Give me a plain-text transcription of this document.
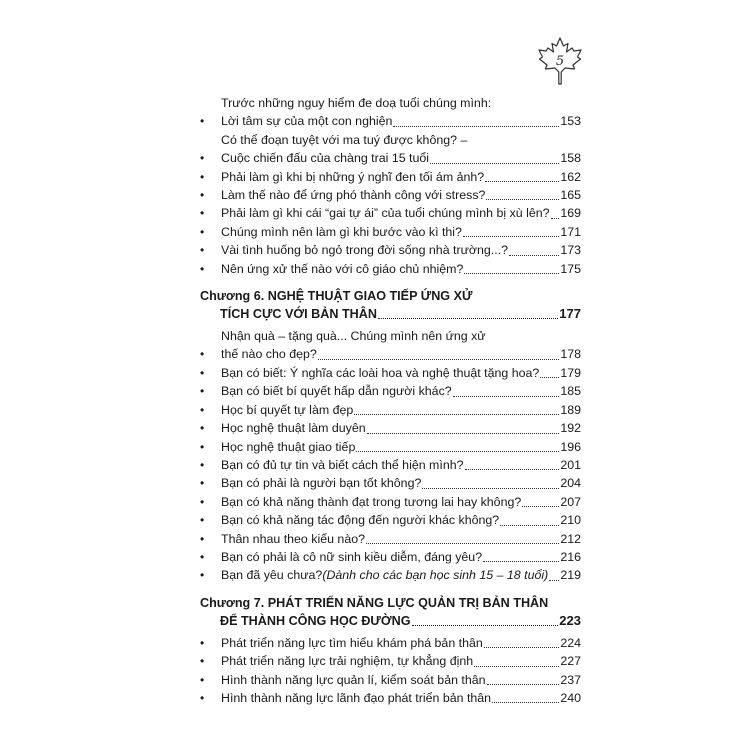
5
•
Trước những nguy hiểm đe doạ tuổi chúng mình:
Lời tâm sự của một con nghiện	153
•
Có thể đoạn tuyệt với ma tuý được không? –
Cuộc chiến đấu của chàng trai 15 tuổi	158
•	Phải làm gì khi bị những ý nghĩ đen tối ám ảnh?	162
•	Làm thế nào để ứng phó thành công với stress?	165
•	Phải làm gì khi cái “gai tự ái” của tuổi chúng mình bị xù lên? 169
•	Chúng mình nên làm gì khi bước vào kì thi?	171
•	Vài tình huống bỏ ngỏ trong đời sống nhà trường...?	173
•	Nên ứng xử thế nào với cô giáo chủ nhiệm?	175
Chương 6. NGHỆ THUẬT GIAO TIẾP ỨNG XỬ
TÍCH CỰC VỚI BẢN THÂN	177
•
Nhận quà – tặng quà... Chúng mình nên ứng xử
thế nào cho đẹp?	178
•	Bạn có biết: Ý nghĩa các loài hoa và nghệ thuật tặng hoa? 179
•	Bạn có biết bí quyết hấp dẫn người khác?	185
•	Học bí quyết tự làm đẹp	189
•	Học nghệ thuật làm duyên	192
•	Học nghệ thuật giao tiếp	196
•	Bạn có đủ tự tin và biết cách thể hiện mình?	201
•	Bạn có phải là người bạn tốt không?	204
•	Bạn có khả năng thành đạt trong tương lai hay không?	207
•	Bạn có khả năng tác động đến người khác không?	210
•	Thân nhau theo kiểu nào?	212
•	Bạn có phải là cô nữ sinh kiều diễm, đáng yêu?	216
•	Bạn đã yêu chưa? (Dành cho các bạn học sinh 15 – 18 tuổi) 219
Chương 7. PHÁT TRIỂN NĂNG LỰC QUẢN TRỊ BẢN THÂN
ĐỂ THÀNH CÔNG HỌC ĐƯỜNG	223
•	Phát triển năng lực tìm hiểu khám phá bản thân	224
•	Phát triển năng lực trải nghiệm, tự khẳng định	227
•	Hình thành năng lực quản lí, kiểm soát bản thân	237
•	Hình thành năng lực lãnh đạo phát triển bản thân	240
